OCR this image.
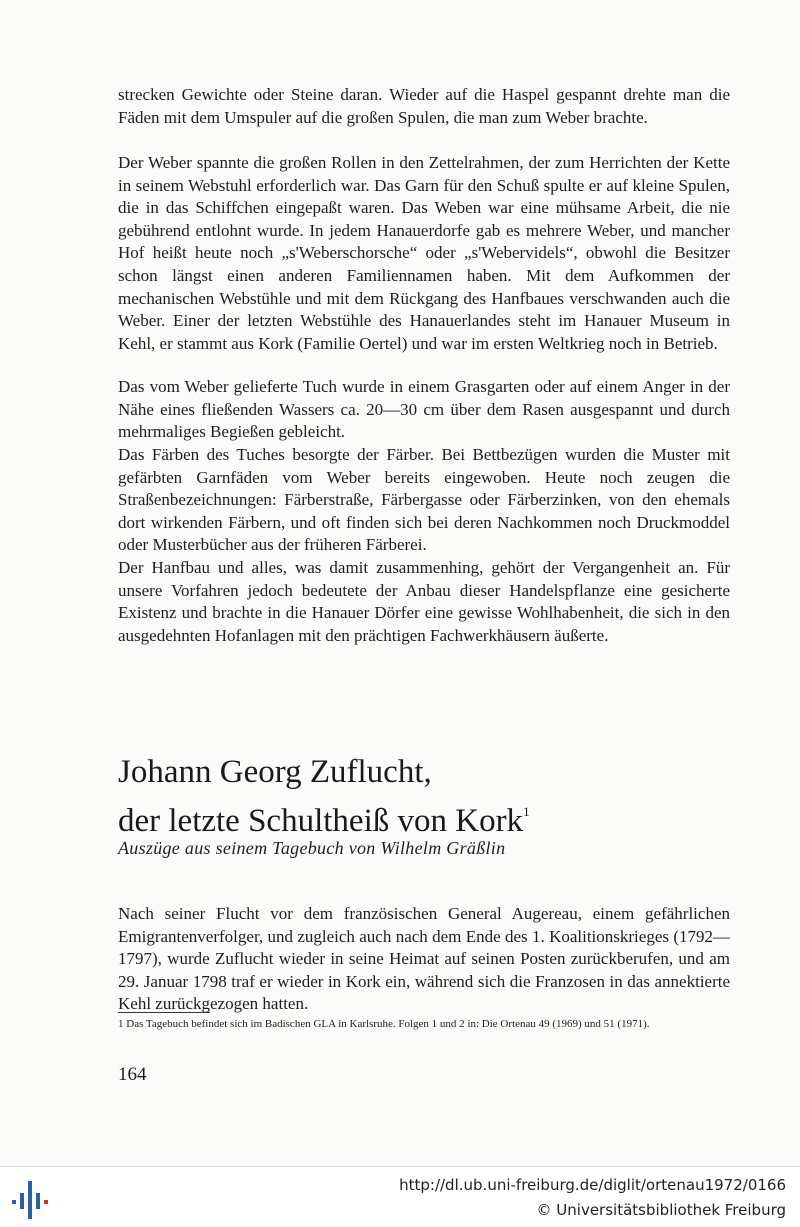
strecken Gewichte oder Steine daran. Wieder auf die Haspel gespannt drehte man die Fäden mit dem Umspuler auf die großen Spulen, die man zum Weber brachte.

Der Weber spannte die großen Rollen in den Zettelrahmen, der zum Herrichten der Kette in seinem Webstuhl erforderlich war. Das Garn für den Schuß spulte er auf kleine Spulen, die in das Schiffchen eingepaßt waren. Das Weben war eine mühsame Arbeit, die nie gebührend entlohnt wurde. In jedem Hanauerdorfe gab es mehrere Weber, und mancher Hof heißt heute noch „s'Weberschorsche“ oder „s'Webervidels“, obwohl die Besitzer schon längst einen anderen Familiennamen haben. Mit dem Aufkommen der mechanischen Webstühle und mit dem Rückgang des Hanfbaues verschwanden auch die Weber. Einer der letzten Webstühle des Hanauerlandes steht im Hanauer Museum in Kehl, er stammt aus Kork (Familie Oertel) und war im ersten Weltkrieg noch in Betrieb.

Das vom Weber gelieferte Tuch wurde in einem Grasgarten oder auf einem Anger in der Nähe eines fließenden Wassers ca. 20—30 cm über dem Rasen ausgespannt und durch mehrmaliges Begießen gebleicht.

Das Färben des Tuches besorgte der Färber. Bei Bettbezügen wurden die Muster mit gefärbten Garnfäden vom Weber bereits eingewoben. Heute noch zeugen die Straßenbezeichnungen: Färberstraße, Färbergasse oder Färberzinken, von den ehemals dort wirkenden Färbern, und oft finden sich bei deren Nachkommen noch Druckmoddel oder Musterbücher aus der früheren Färberei.

Der Hanfbau und alles, was damit zusammenhing, gehört der Vergangenheit an. Für unsere Vorfahren jedoch bedeutete der Anbau dieser Handelspflanze eine gesicherte Existenz und brachte in die Hanauer Dörfer eine gewisse Wohlhabenheit, die sich in den ausgedehnten Hofanlagen mit den prächtigen Fachwerkhäusern äußerte.

Johann Georg Zuflucht,
der letzte Schultheiß von Kork$^1$

Auszüge aus seinem Tagebuch von Wilhelm Gräßlin

Nach seiner Flucht vor dem französischen General Augereau, einem gefährlichen Emigrantenverfolger, und zugleich auch nach dem Ende des 1. Koalitionskrieges (1792—1797), wurde Zuflucht wieder in seine Heimat auf seinen Posten zurückberufen, und am 29. Januar 1798 traf er wieder in Kork ein, während sich die Franzosen in das annektierte Kehl zurückgezogen hatten.

1 Das Tagebuch befindet sich im Badischen GLA in Karlsruhe. Folgen 1 und 2 in: Die Ortenau 49 (1969) und 51 (1971).

164

http://dl.ub.uni-freiburg.de/diglit/ortenau1972/0166
© Universitätsbibliothek Freiburg
